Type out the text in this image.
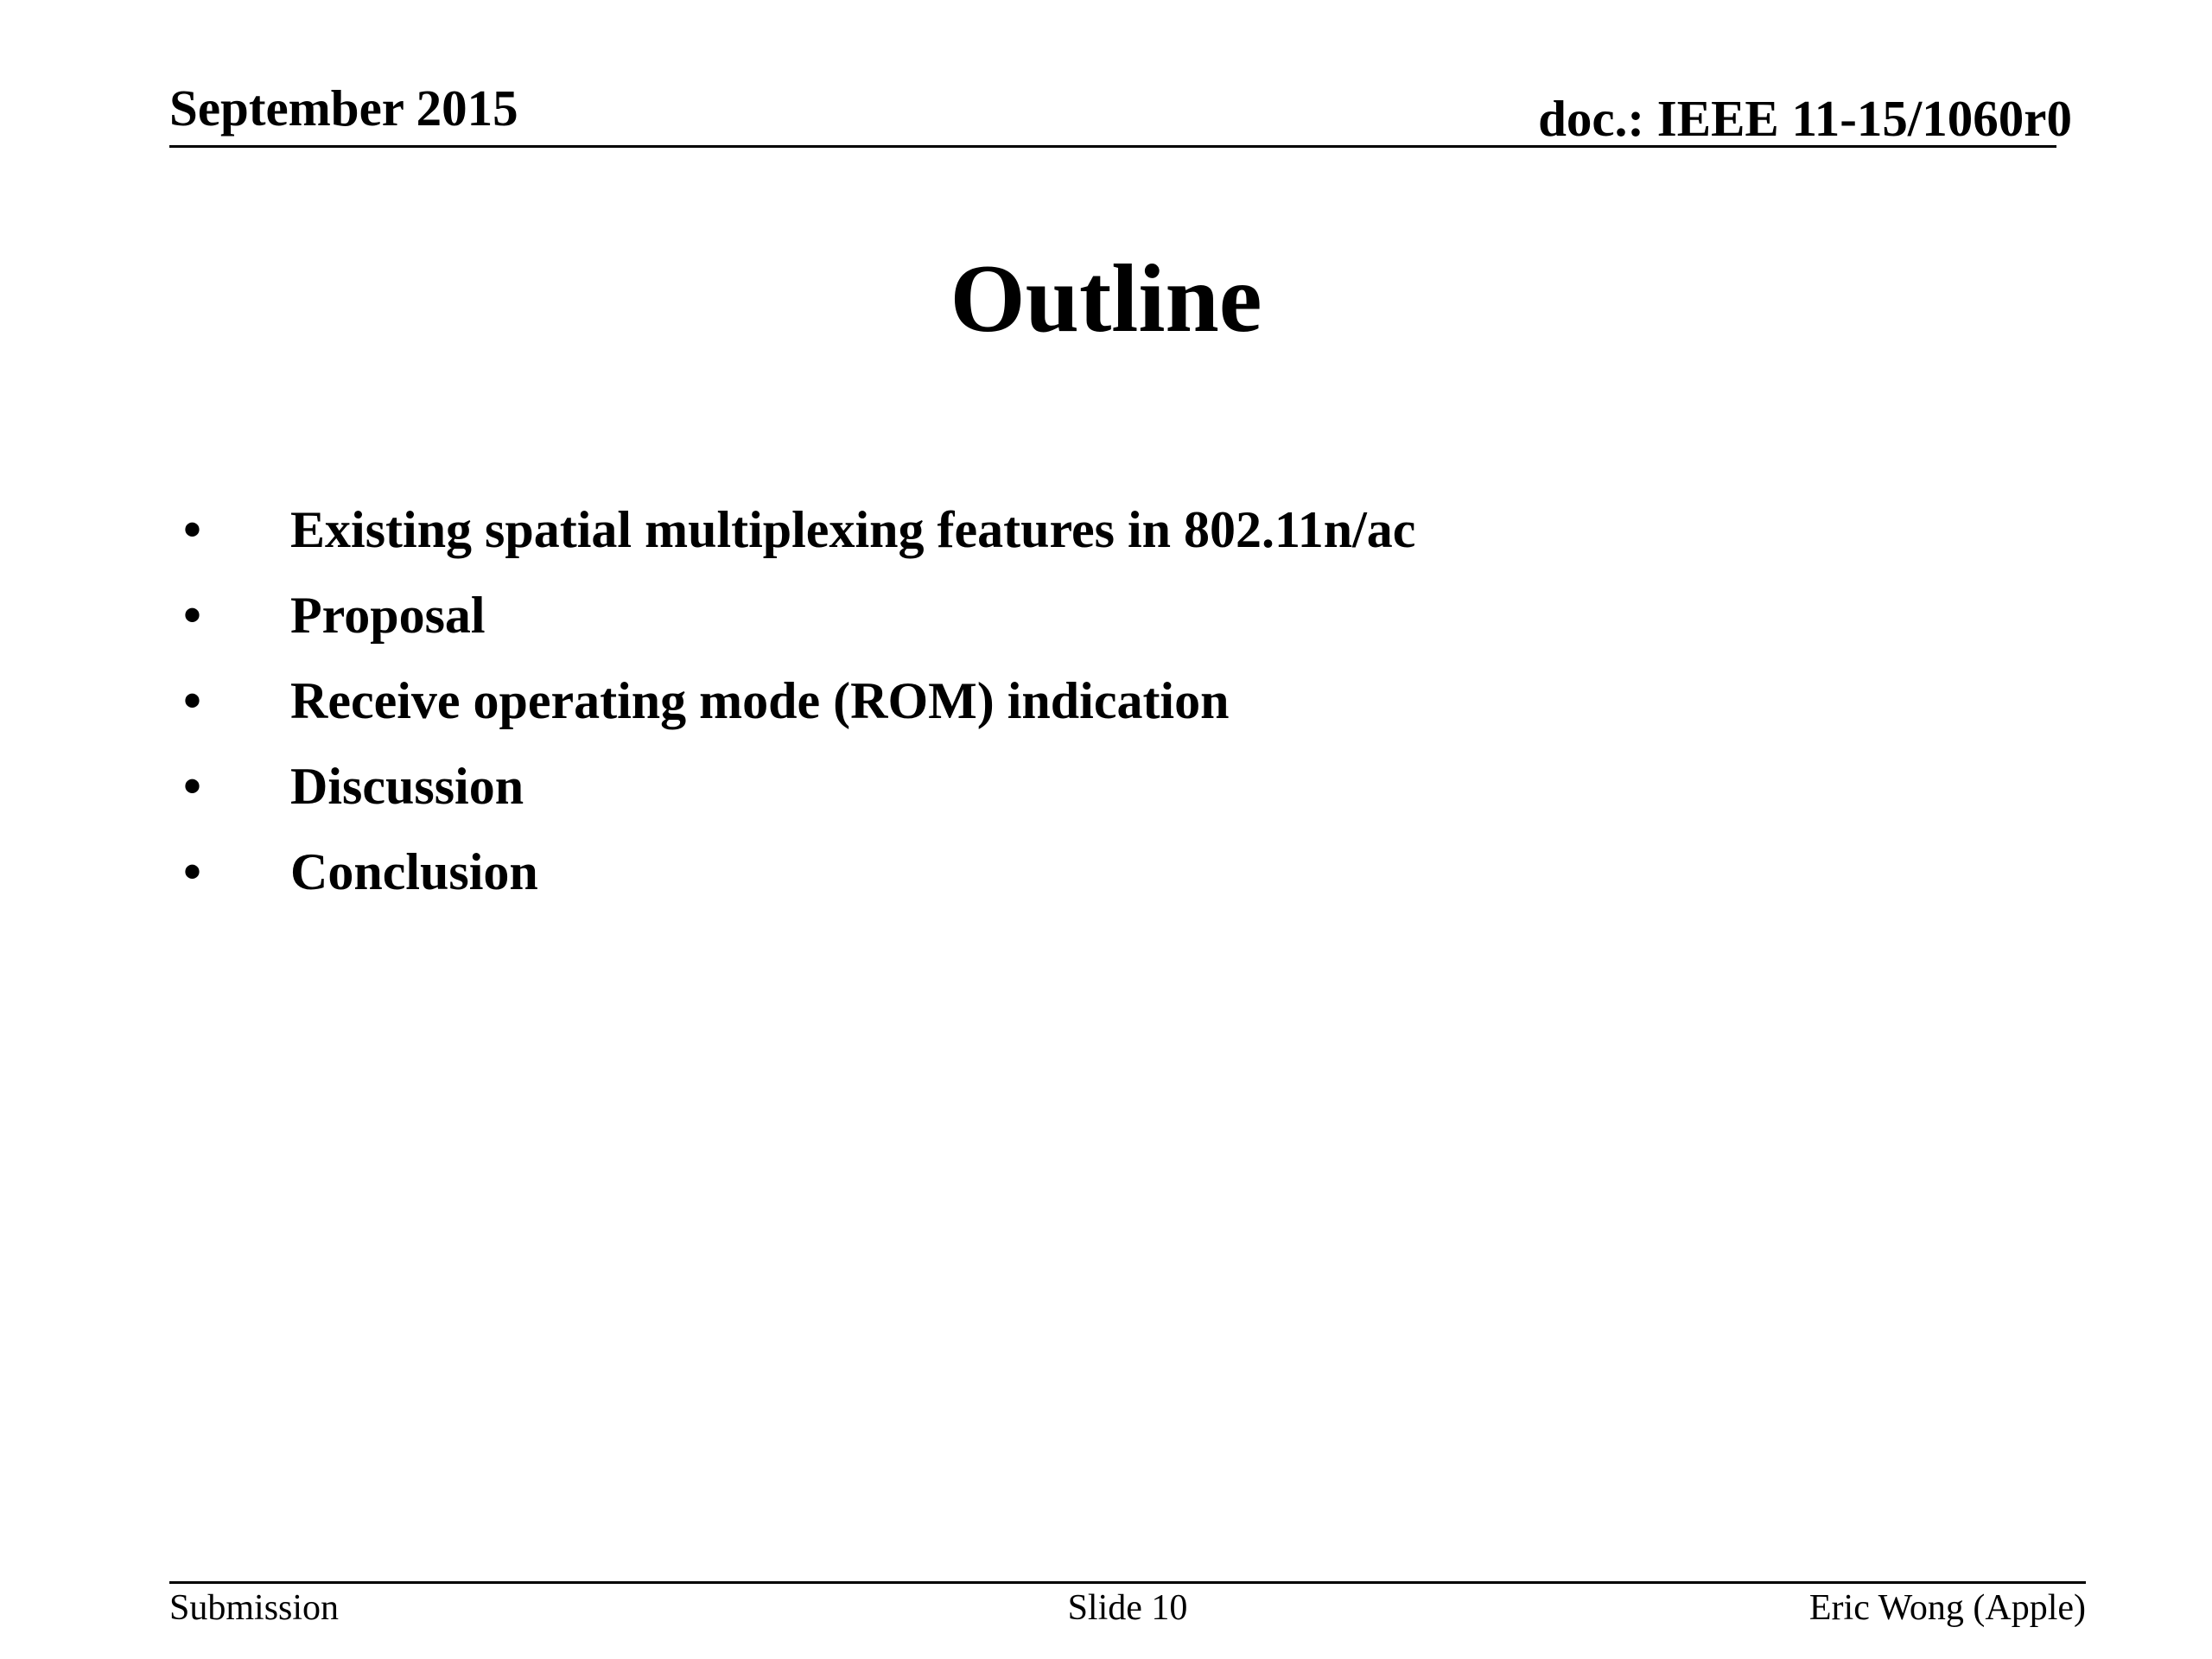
September 2015	doc.: IEEE 11-15/1060r0
Outline
• Existing spatial multiplexing features in 802.11n/ac
• Proposal
• Receive operating mode (ROM) indication
• Discussion
• Conclusion
Submission	Slide 10	Eric Wong (Apple)
